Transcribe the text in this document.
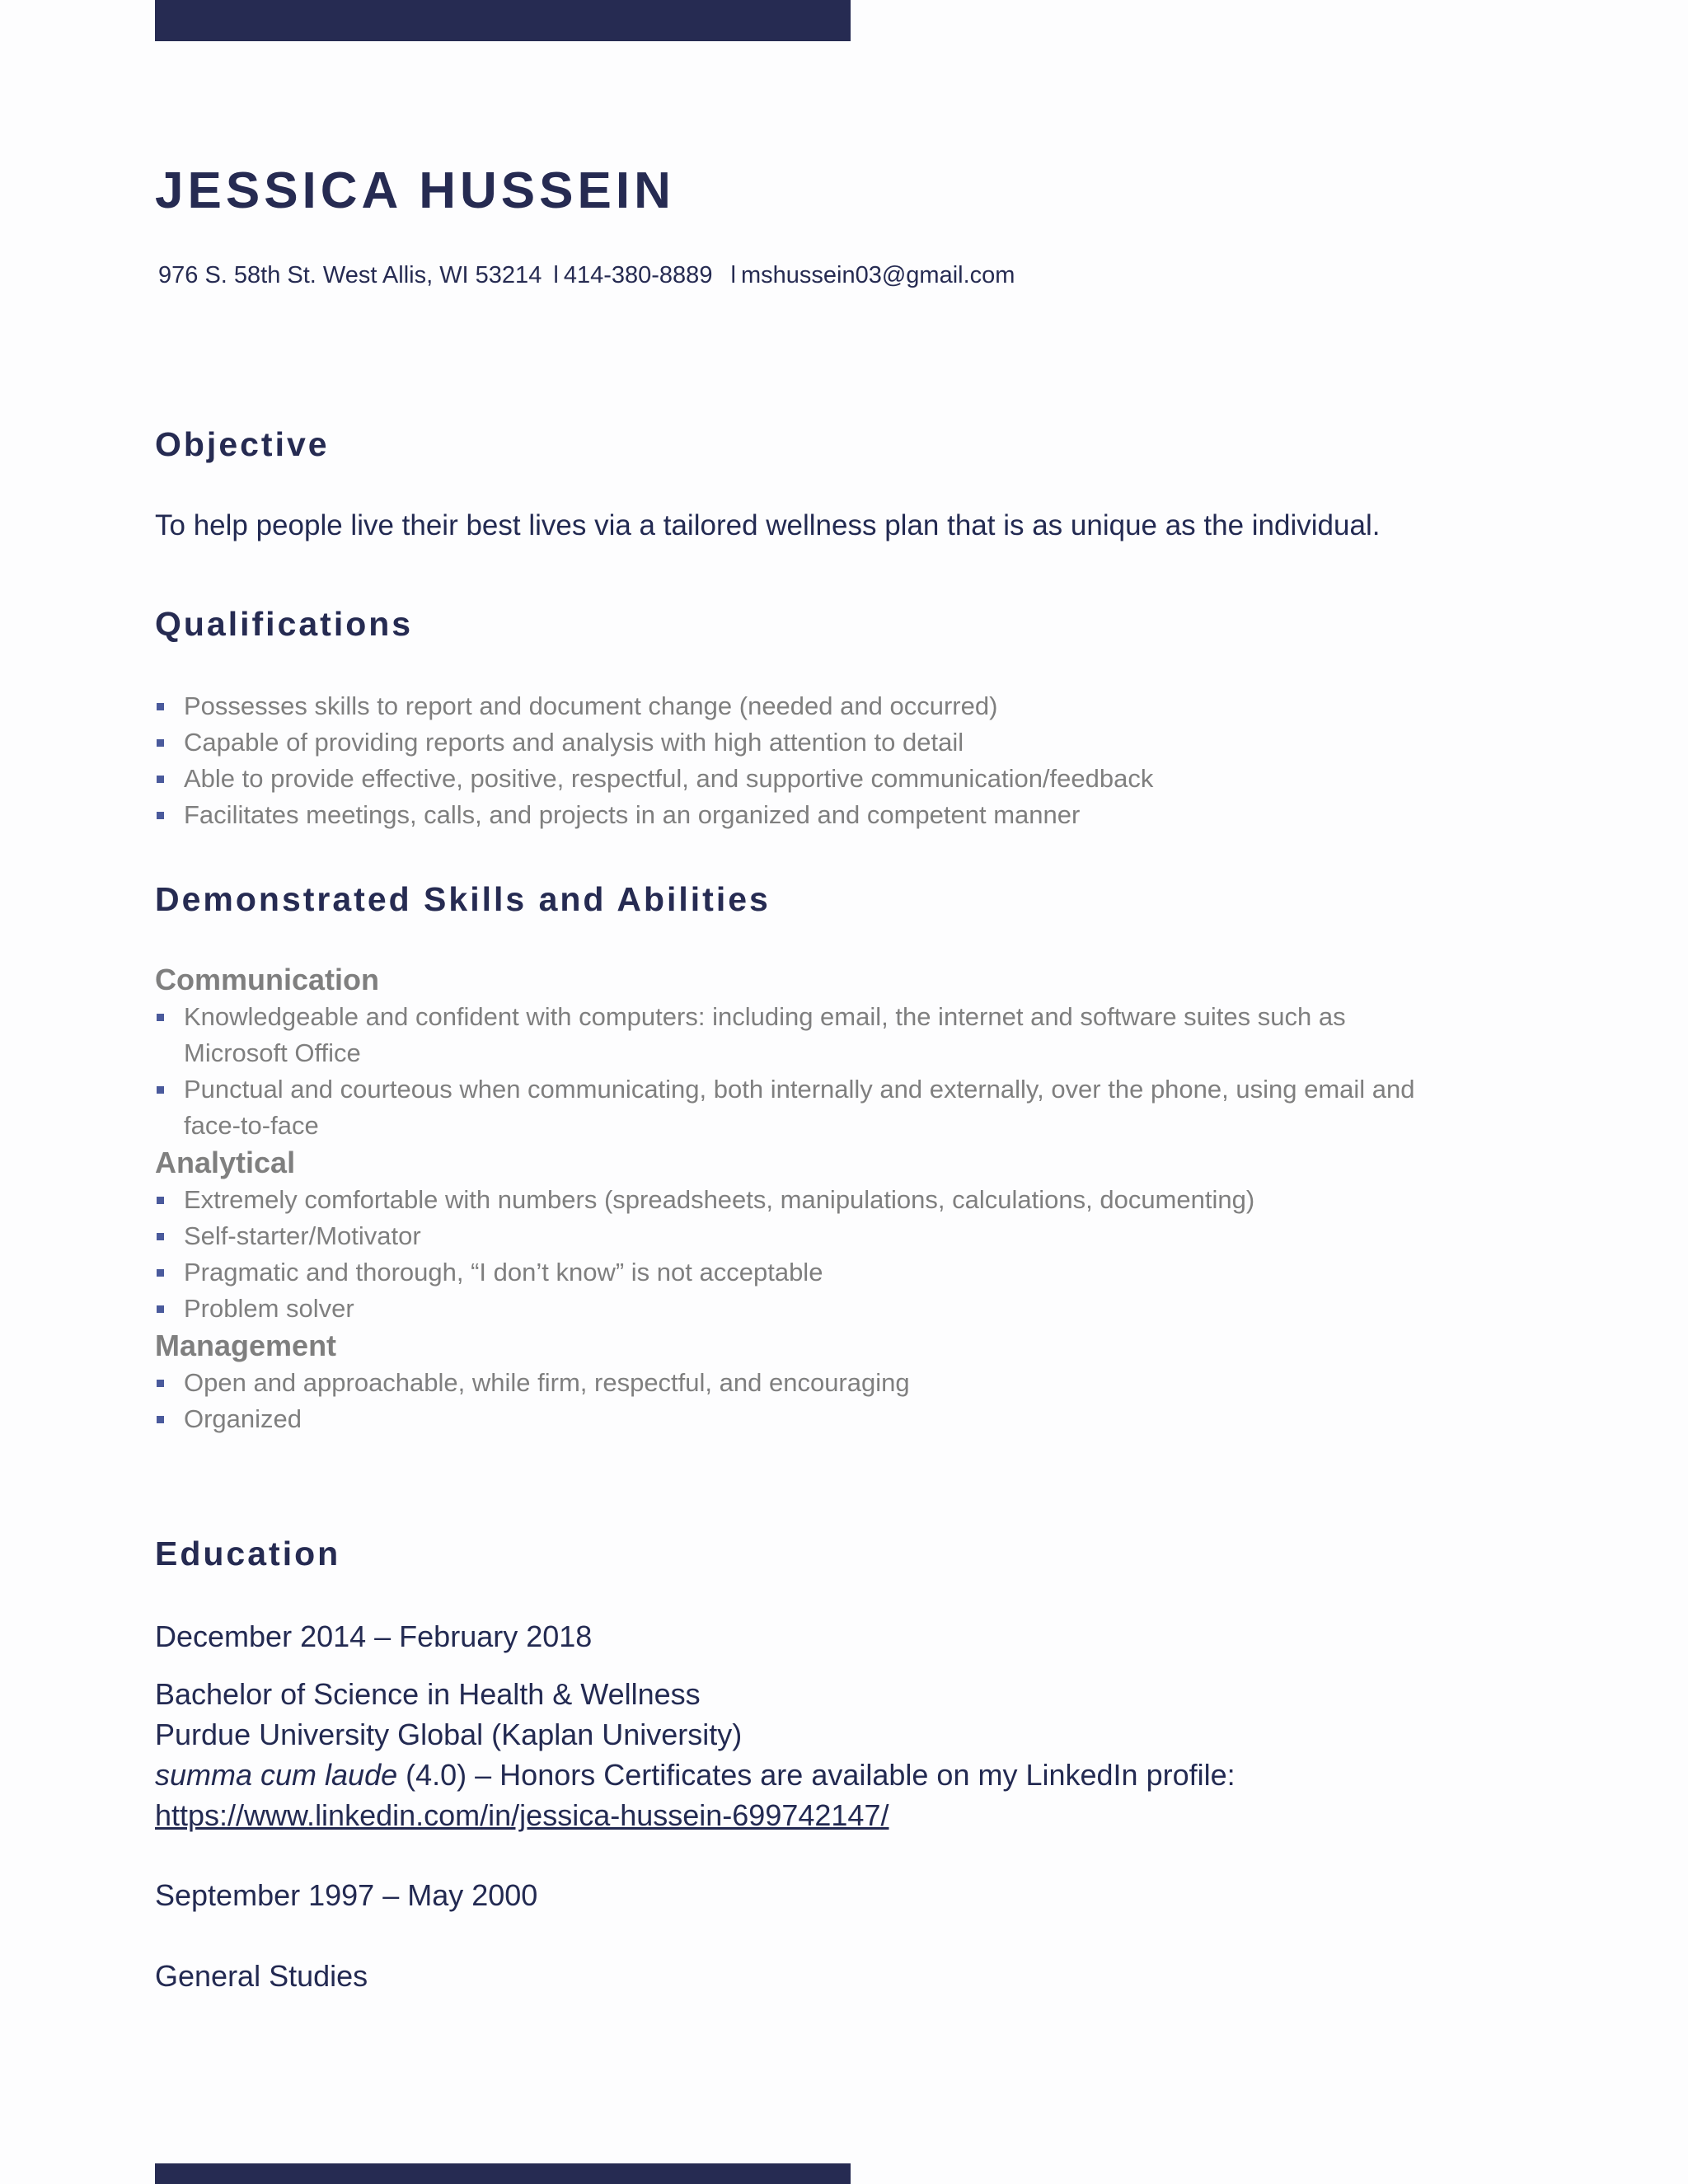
JESSICA HUSSEIN
976 S. 58th St. West Allis, WI 53214 l 414-380-8889 l mshussein03@gmail.com
Objective
To help people live their best lives via a tailored wellness plan that is as unique as the individual.
Qualifications
Possesses skills to report and document change (needed and occurred)
Capable of providing reports and analysis with high attention to detail
Able to provide effective, positive, respectful, and supportive communication/feedback
Facilitates meetings, calls, and projects in an organized and competent manner
Demonstrated Skills and Abilities
Communication
Knowledgeable and confident with computers: including email, the internet and software suites such as
Microsoft Office
Punctual and courteous when communicating, both internally and externally, over the phone, using email and
face-to-face
Analytical
Extremely comfortable with numbers (spreadsheets, manipulations, calculations, documenting)
Self-starter/Motivator
Pragmatic and thorough, “I don’t know” is not acceptable
Problem solver
Management
Open and approachable, while firm, respectful, and encouraging
Organized
Education
December 2014 – February 2018
Bachelor of Science in Health & Wellness
Purdue University Global (Kaplan University)
summa cum laude (4.0) – Honors Certificates are available on my LinkedIn profile:
https://www.linkedin.com/in/jessica-hussein-699742147/
September 1997 – May 2000
General Studies
